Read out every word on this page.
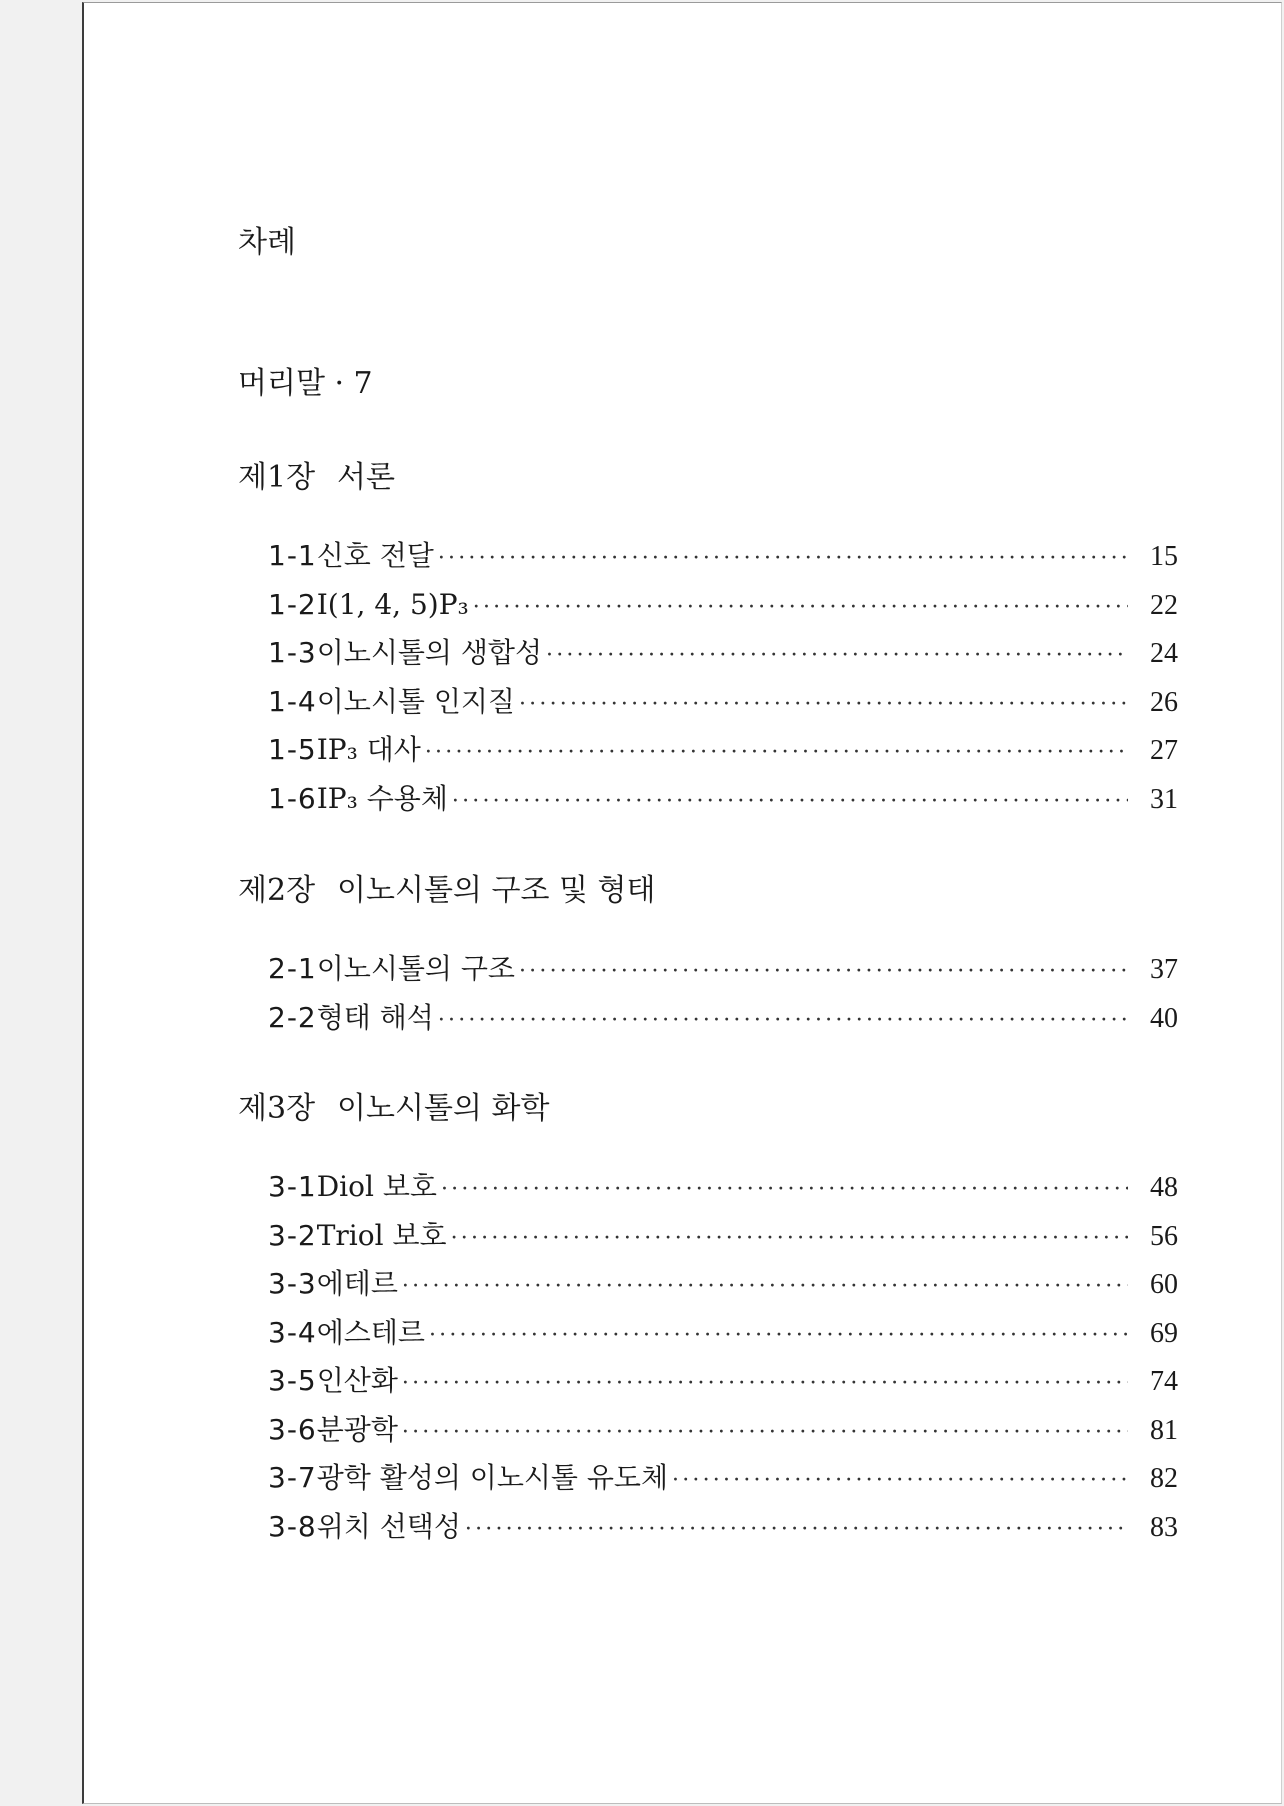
차례
머리말 · 7
제1장 서론
1-1 신호 전달 ·····	15
1-2 I(1, 4, 5)P₃ ·····	22
1-3 이노시톨의 생합성 ·····	24
1-4 이노시톨 인지질 ·····	26
1-5 IP₃ 대사 ·····	27
1-6 IP₃ 수용체 ·····	31
제2장 이노시톨의 구조 및 형태
2-1 이노시톨의 구조 ·····	37
2-2 형태 해석 ·····	40
제3장 이노시톨의 화학
3-1 Diol 보호 ·····	48
3-2 Triol 보호 ·····	56
3-3 에테르 ·····	60
3-4 에스테르 ·····	69
3-5 인산화 ·····	74
3-6 분광학 ·····	81
3-7 광학 활성의 이노시톨 유도체 ·····	82
3-8 위치 선택성 ·····	83
